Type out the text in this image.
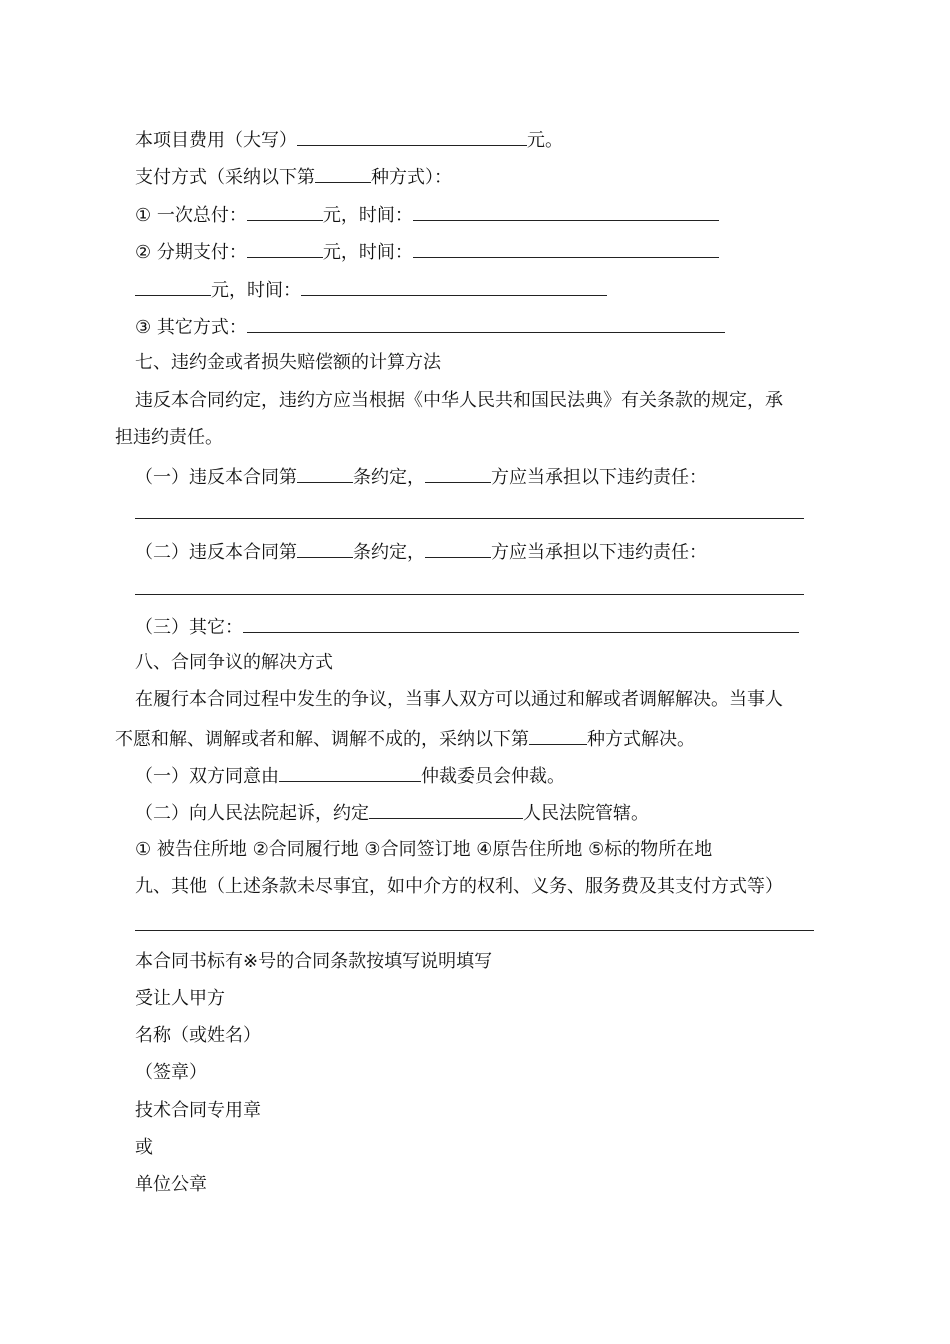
本项目费用（大写）	元。
支付方式（采纳以下第	种方式）：
① 一次总付：	元，时间：
② 分期支付：	元，时间：
元，时间：
③ 其它方式：
七、违约金或者损失赔偿额的计算方法
违反本合同约定，违约方应当根据《中华人民共和国民法典》有关条款的规定，承
担违约责任。
（一）违反本合同第	条约定，	方应当承担以下违约责任：
（二）违反本合同第	条约定，	方应当承担以下违约责任：
（三）其它：
八、合同争议的解决方式
在履行本合同过程中发生的争议，当事人双方可以通过和解或者调解解决。当事人
不愿和解、调解或者和解、调解不成的，采纳以下第	种方式解决。
（一）双方同意由	仲裁委员会仲裁。
（二）向人民法院起诉，约定	人民法院管辖。
① 被告住所地 ②合同履行地 ③合同签订地 ④原告住所地 ⑤标的物所在地
九、其他（上述条款未尽事宜，如中介方的权利、义务、服务费及其支付方式等）
本合同书标有※号的合同条款按填写说明填写
受让人甲方
名称（或姓名）
（签章）
技术合同专用章
或
单位公章
